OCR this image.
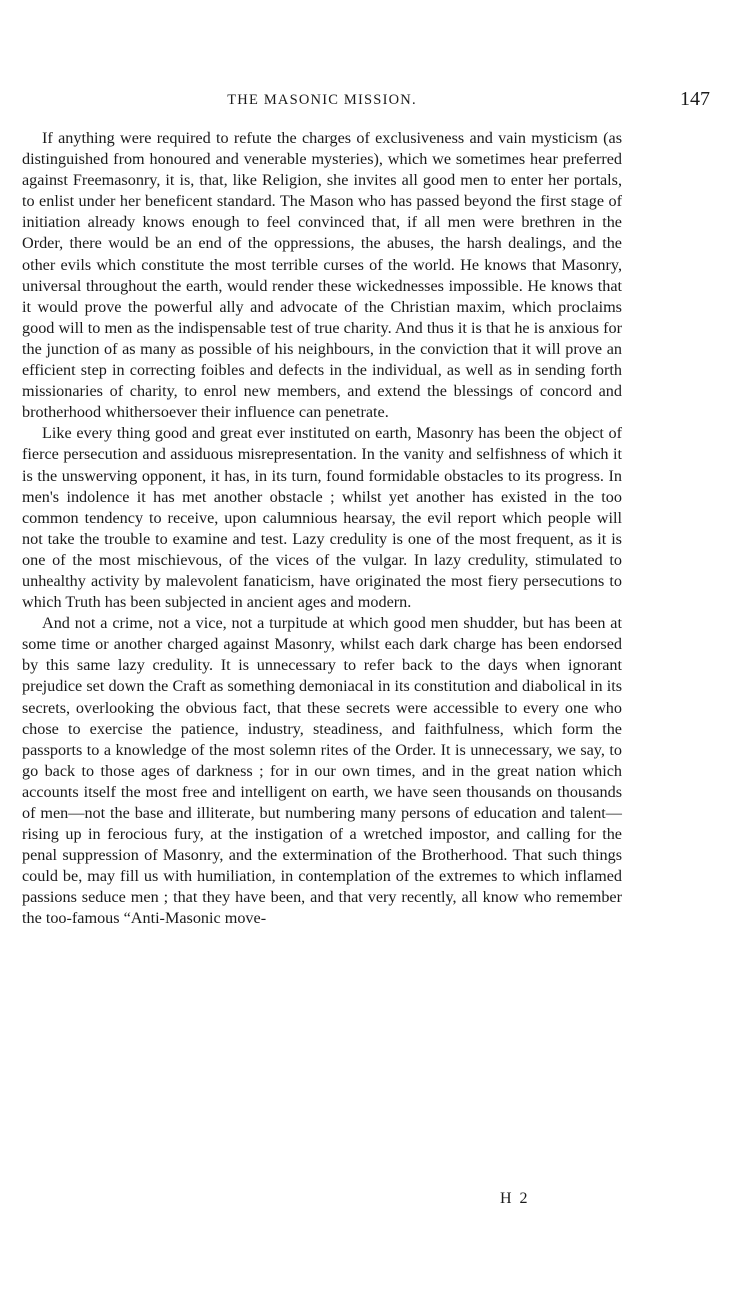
THE MASONIC MISSION.	147

If anything were required to refute the charges of exclusiveness and vain mysticism (as distinguished from honoured and venerable mysteries), which we sometimes hear preferred against Freemasonry, it is, that, like Religion, she invites all good men to enter her portals, to enlist under her beneficent standard. The Mason who has passed beyond the first stage of initiation already knows enough to feel convinced that, if all men were brethren in the Order, there would be an end of the oppressions, the abuses, the harsh dealings, and the other evils which constitute the most terrible curses of the world. He knows that Masonry, universal throughout the earth, would render these wickednesses impossible. He knows that it would prove the powerful ally and advocate of the Christian maxim, which proclaims good will to men as the indispensable test of true charity. And thus it is that he is anxious for the junction of as many as possible of his neighbours, in the conviction that it will prove an efficient step in correcting foibles and defects in the individual, as well as in sending forth missionaries of charity, to enrol new members, and extend the blessings of concord and brotherhood whithersoever their influence can penetrate.

Like every thing good and great ever instituted on earth, Masonry has been the object of fierce persecution and assiduous misrepresentation. In the vanity and selfishness of which it is the unswerving opponent, it has, in its turn, found formidable obstacles to its progress. In men's indolence it has met another obstacle ; whilst yet another has existed in the too common tendency to receive, upon calumnious hearsay, the evil report which people will not take the trouble to examine and test. Lazy credulity is one of the most frequent, as it is one of the most mischievous, of the vices of the vulgar. In lazy credulity, stimulated to unhealthy activity by malevolent fanaticism, have originated the most fiery persecutions to which Truth has been subjected in ancient ages and modern.

And not a crime, not a vice, not a turpitude at which good men shudder, but has been at some time or another charged against Masonry, whilst each dark charge has been endorsed by this same lazy credulity. It is unnecessary to refer back to the days when ignorant prejudice set down the Craft as something demoniacal in its constitution and diabolical in its secrets, overlooking the obvious fact, that these secrets were accessible to every one who chose to exercise the patience, industry, steadiness, and faithfulness, which form the passports to a knowledge of the most solemn rites of the Order. It is unnecessary, we say, to go back to those ages of darkness ; for in our own times, and in the great nation which accounts itself the most free and intelligent on earth, we have seen thousands on thousands of men—not the base and illiterate, but numbering many persons of education and talent—rising up in ferocious fury, at the instigation of a wretched impostor, and calling for the penal suppression of Masonry, and the extermination of the Brotherhood. That such things could be, may fill us with humiliation, in contemplation of the extremes to which inflamed passions seduce men ; that they have been, and that very recently, all know who remember the too-famous “Anti-Masonic move-

H 2
